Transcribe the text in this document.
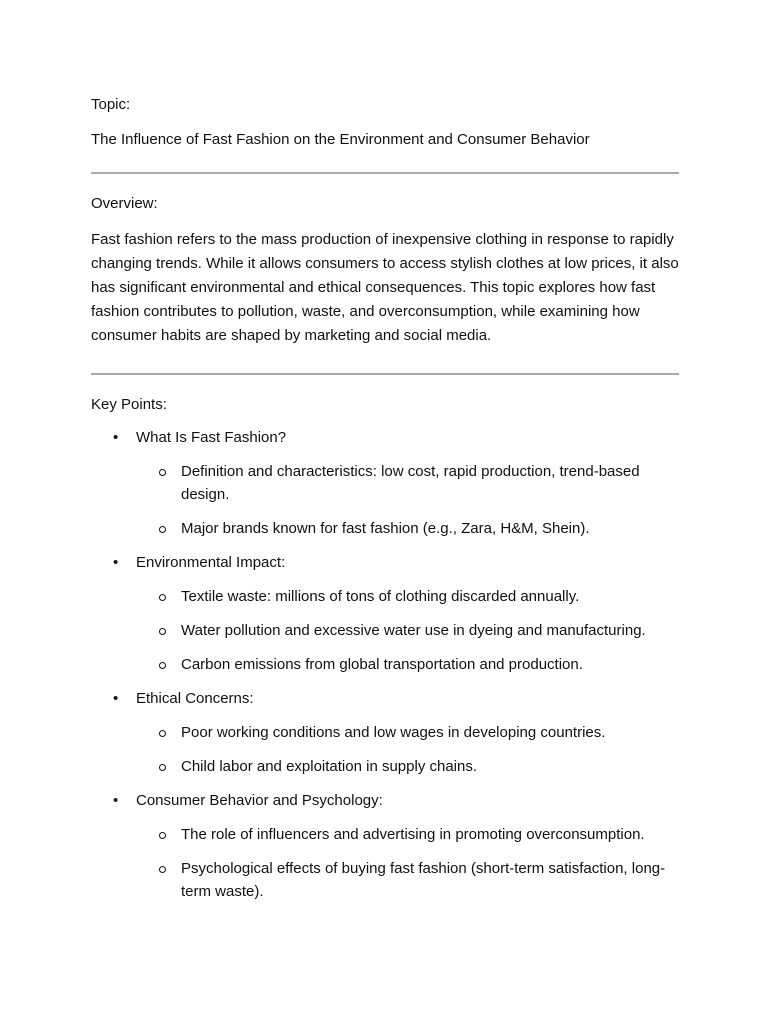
Topic:

The Influence of Fast Fashion on the Environment and Consumer Behavior

Overview:

Fast fashion refers to the mass production of inexpensive clothing in response to rapidly changing trends. While it allows consumers to access stylish clothes at low prices, it also has significant environmental and ethical consequences. This topic explores how fast fashion contributes to pollution, waste, and overconsumption, while examining how consumer habits are shaped by marketing and social media.

Key Points:

• What Is Fast Fashion?
Definition and characteristics: low cost, rapid production, trend-based design.
Major brands known for fast fashion (e.g., Zara, H&M, Shein).
• Environmental Impact:
Textile waste: millions of tons of clothing discarded annually.
Water pollution and excessive water use in dyeing and manufacturing.
Carbon emissions from global transportation and production.
• Ethical Concerns:
Poor working conditions and low wages in developing countries.
Child labor and exploitation in supply chains.
• Consumer Behavior and Psychology:
The role of influencers and advertising in promoting overconsumption.
Psychological effects of buying fast fashion (short-term satisfaction, long-term waste).
